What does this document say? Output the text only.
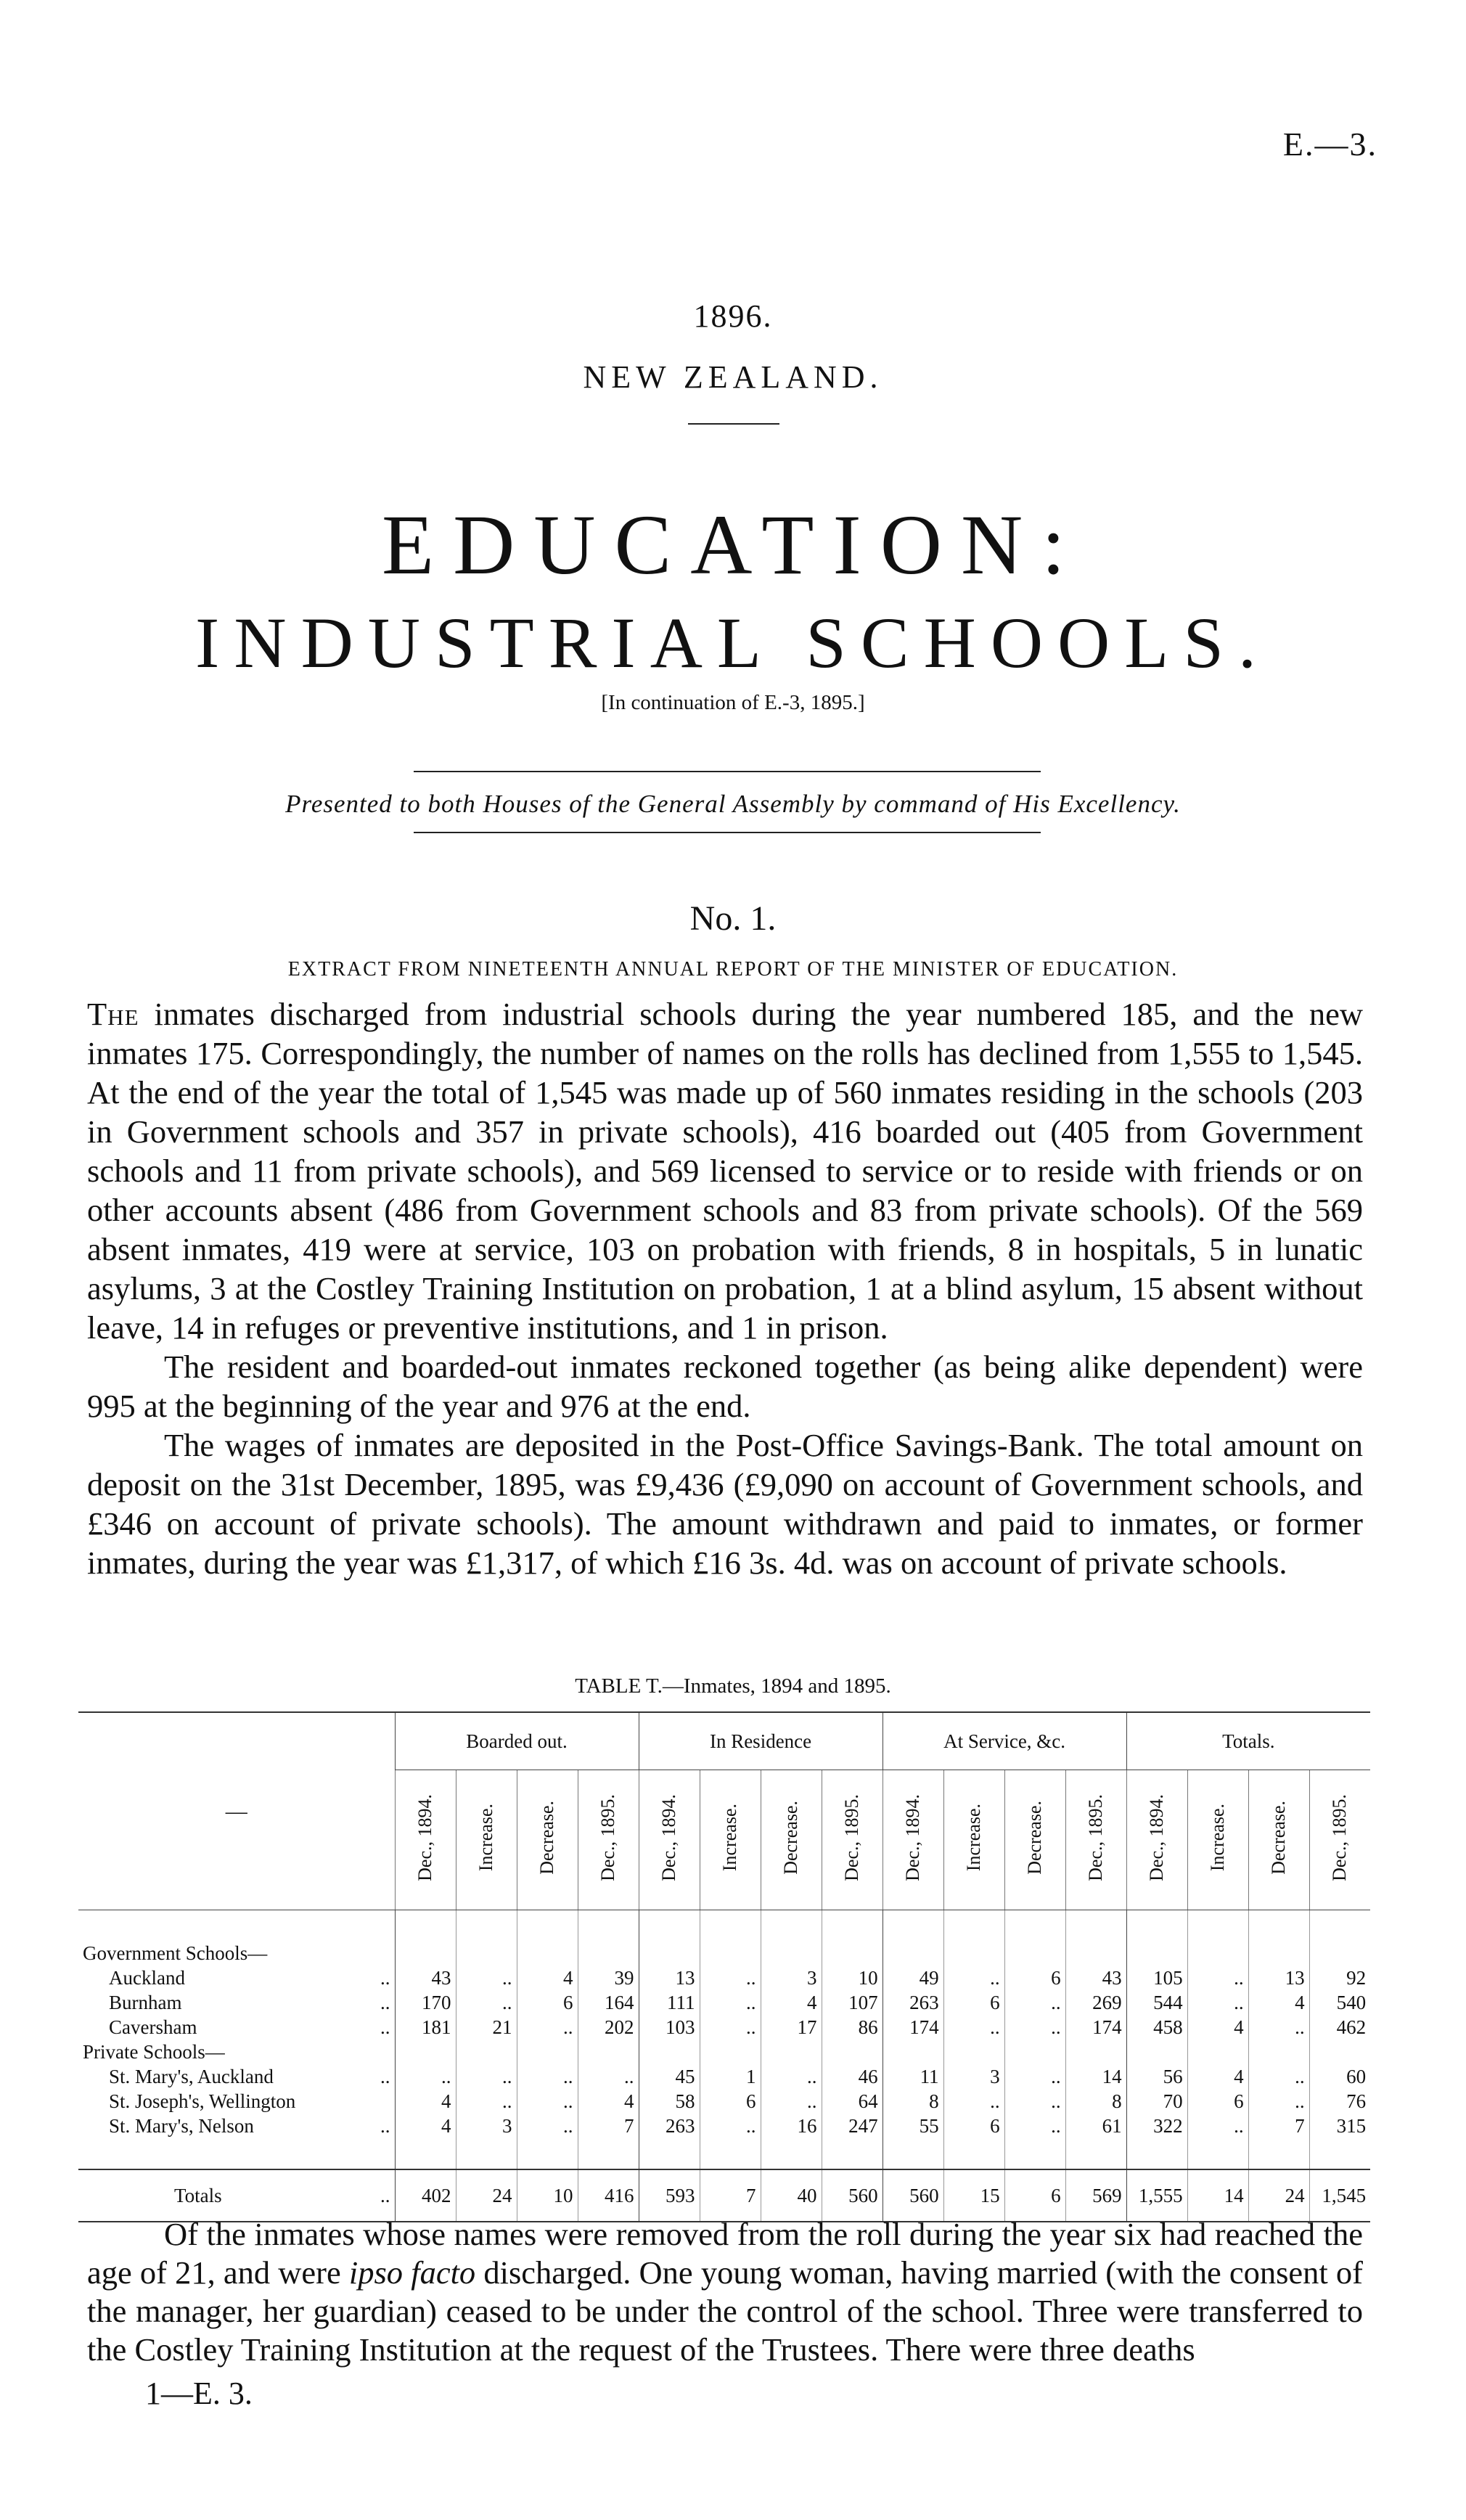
E.—3.
1896.
NEW ZEALAND.
EDUCATION:
INDUSTRIAL SCHOOLS.
[In continuation of E.-3, 1895.]
Presented to both Houses of the General Assembly by command of His Excellency.
No. 1.
EXTRACT FROM NINETEENTH ANNUAL REPORT OF THE MINISTER OF EDUCATION.

The inmates discharged from industrial schools during the year numbered 185, and the new inmates 175. Correspondingly, the number of names on the rolls has declined from 1,555 to 1,545. At the end of the year the total of 1,545 was made up of 560 inmates residing in the schools (203 in Government schools and 357 in private schools), 416 boarded out (405 from Government schools and 11 from private schools), and 569 licensed to service or to reside with friends or on other accounts absent (486 from Government schools and 83 from private schools). Of the 569 absent inmates, 419 were at service, 103 on probation with friends, 8 in hospitals, 5 in lunatic asylums, 3 at the Costley Training Institution on probation, 1 at a blind asylum, 15 absent without leave, 14 in refuges or preventive institutions, and 1 in prison.

The resident and boarded-out inmates reckoned together (as being alike dependent) were 995 at the beginning of the year and 976 at the end.

The wages of inmates are deposited in the Post-Office Savings-Bank. The total amount on deposit on the 31st December, 1895, was £9,436 (£9,090 on account of Government schools, and £346 on account of private schools). The amount withdrawn and paid to inmates, or former inmates, during the year was £1,317, of which £16 3s. 4d. was on account of private schools.

TABLE T.—Inmates, 1894 and 1895.
—	Boarded out.				In Residence				At Service, &c.				Totals.			
	Dec., 1894.	Increase.	Decrease.	Dec., 1895.	Dec., 1894.	Increase.	Decrease.	Dec., 1895.	Dec., 1894.	Increase.	Decrease.	Dec., 1895.	Dec., 1894.	Increase.	Decrease.	Dec., 1895.

Government Schools—																
Auckland ..	43	..	4	39	13	..	3	10	49	..	6	43	105	..	13	92
Burnham ..	170	..	6	164	111	..	4	107	263	6	..	269	544	..	4	540
Caversham ..	181	21	..	202	103	..	17	86	174	..	..	174	458	4	..	462
Private Schools—																
St. Mary's, Auckland ..	..	..	..	..	45	1	..	46	11	3	..	14	56	4	..	60
St. Joseph's, Wellington	4	..	..	4	58	6	..	64	8	..	..	8	70	6	..	76
St. Mary's, Nelson ..	4	3	..	7	263	..	16	247	55	6	..	61	322	..	7	315

Totals ..	402	24	10	416	593	7	40	560	560	15	6	569	1,555	14	24	1,545

Of the inmates whose names were removed from the roll during the year six had reached the age of 21, and were ipso facto discharged. One young woman, having married (with the consent of the manager, her guardian) ceased to be under the control of the school. Three were transferred to the Costley Training Institution at the request of the Trustees. There were three deaths

1—E. 3.
